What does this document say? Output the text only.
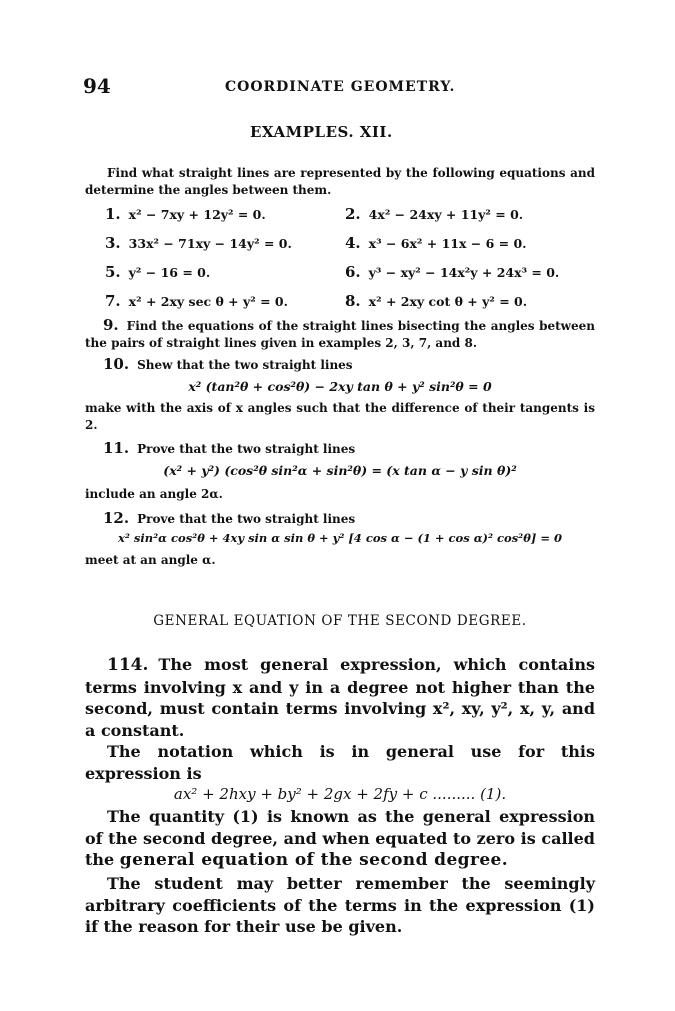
94	COORDINATE GEOMETRY.
EXAMPLES. XII.
Find what straight lines are represented by the following equations and determine the angles between them.
1. x² − 7xy + 12y² = 0.	2. 4x² − 24xy + 11y² = 0.
3. 33x² − 71xy − 14y² = 0.	4. x³ − 6x² + 11x − 6 = 0.
5. y² − 16 = 0.	6. y³ − xy² − 14x²y + 24x³ = 0.
7. x² + 2xy sec θ + y² = 0.	8. x² + 2xy cot θ + y² = 0.
9. Find the equations of the straight lines bisecting the angles between the pairs of straight lines given in examples 2, 3, 7, and 8.
10. Shew that the two straight lines
x² (tan²θ + cos²θ) − 2xy tan θ + y² sin²θ = 0
make with the axis of x angles such that the difference of their tangents is 2.
11. Prove that the two straight lines
(x² + y²) (cos²θ sin²α + sin²θ) = (x tan α − y sin θ)²
include an angle 2α.
12. Prove that the two straight lines
x² sin²α cos²θ + 4xy sin α sin θ + y² [4 cos α − (1 + cos α)² cos²θ] = 0
meet at an angle α.
GENERAL EQUATION OF THE SECOND DEGREE.
114. The most general expression, which contains terms involving x and y in a degree not higher than the second, must contain terms involving x², xy, y², x, y, and a constant.
The notation which is in general use for this expression is
ax² + 2hxy + by² + 2gx + 2fy + c ......... (1).
The quantity (1) is known as the general expression of the second degree, and when equated to zero is called the general equation of the second degree.
The student may better remember the seemingly arbitrary coefficients of the terms in the expression (1) if the reason for their use be given.
